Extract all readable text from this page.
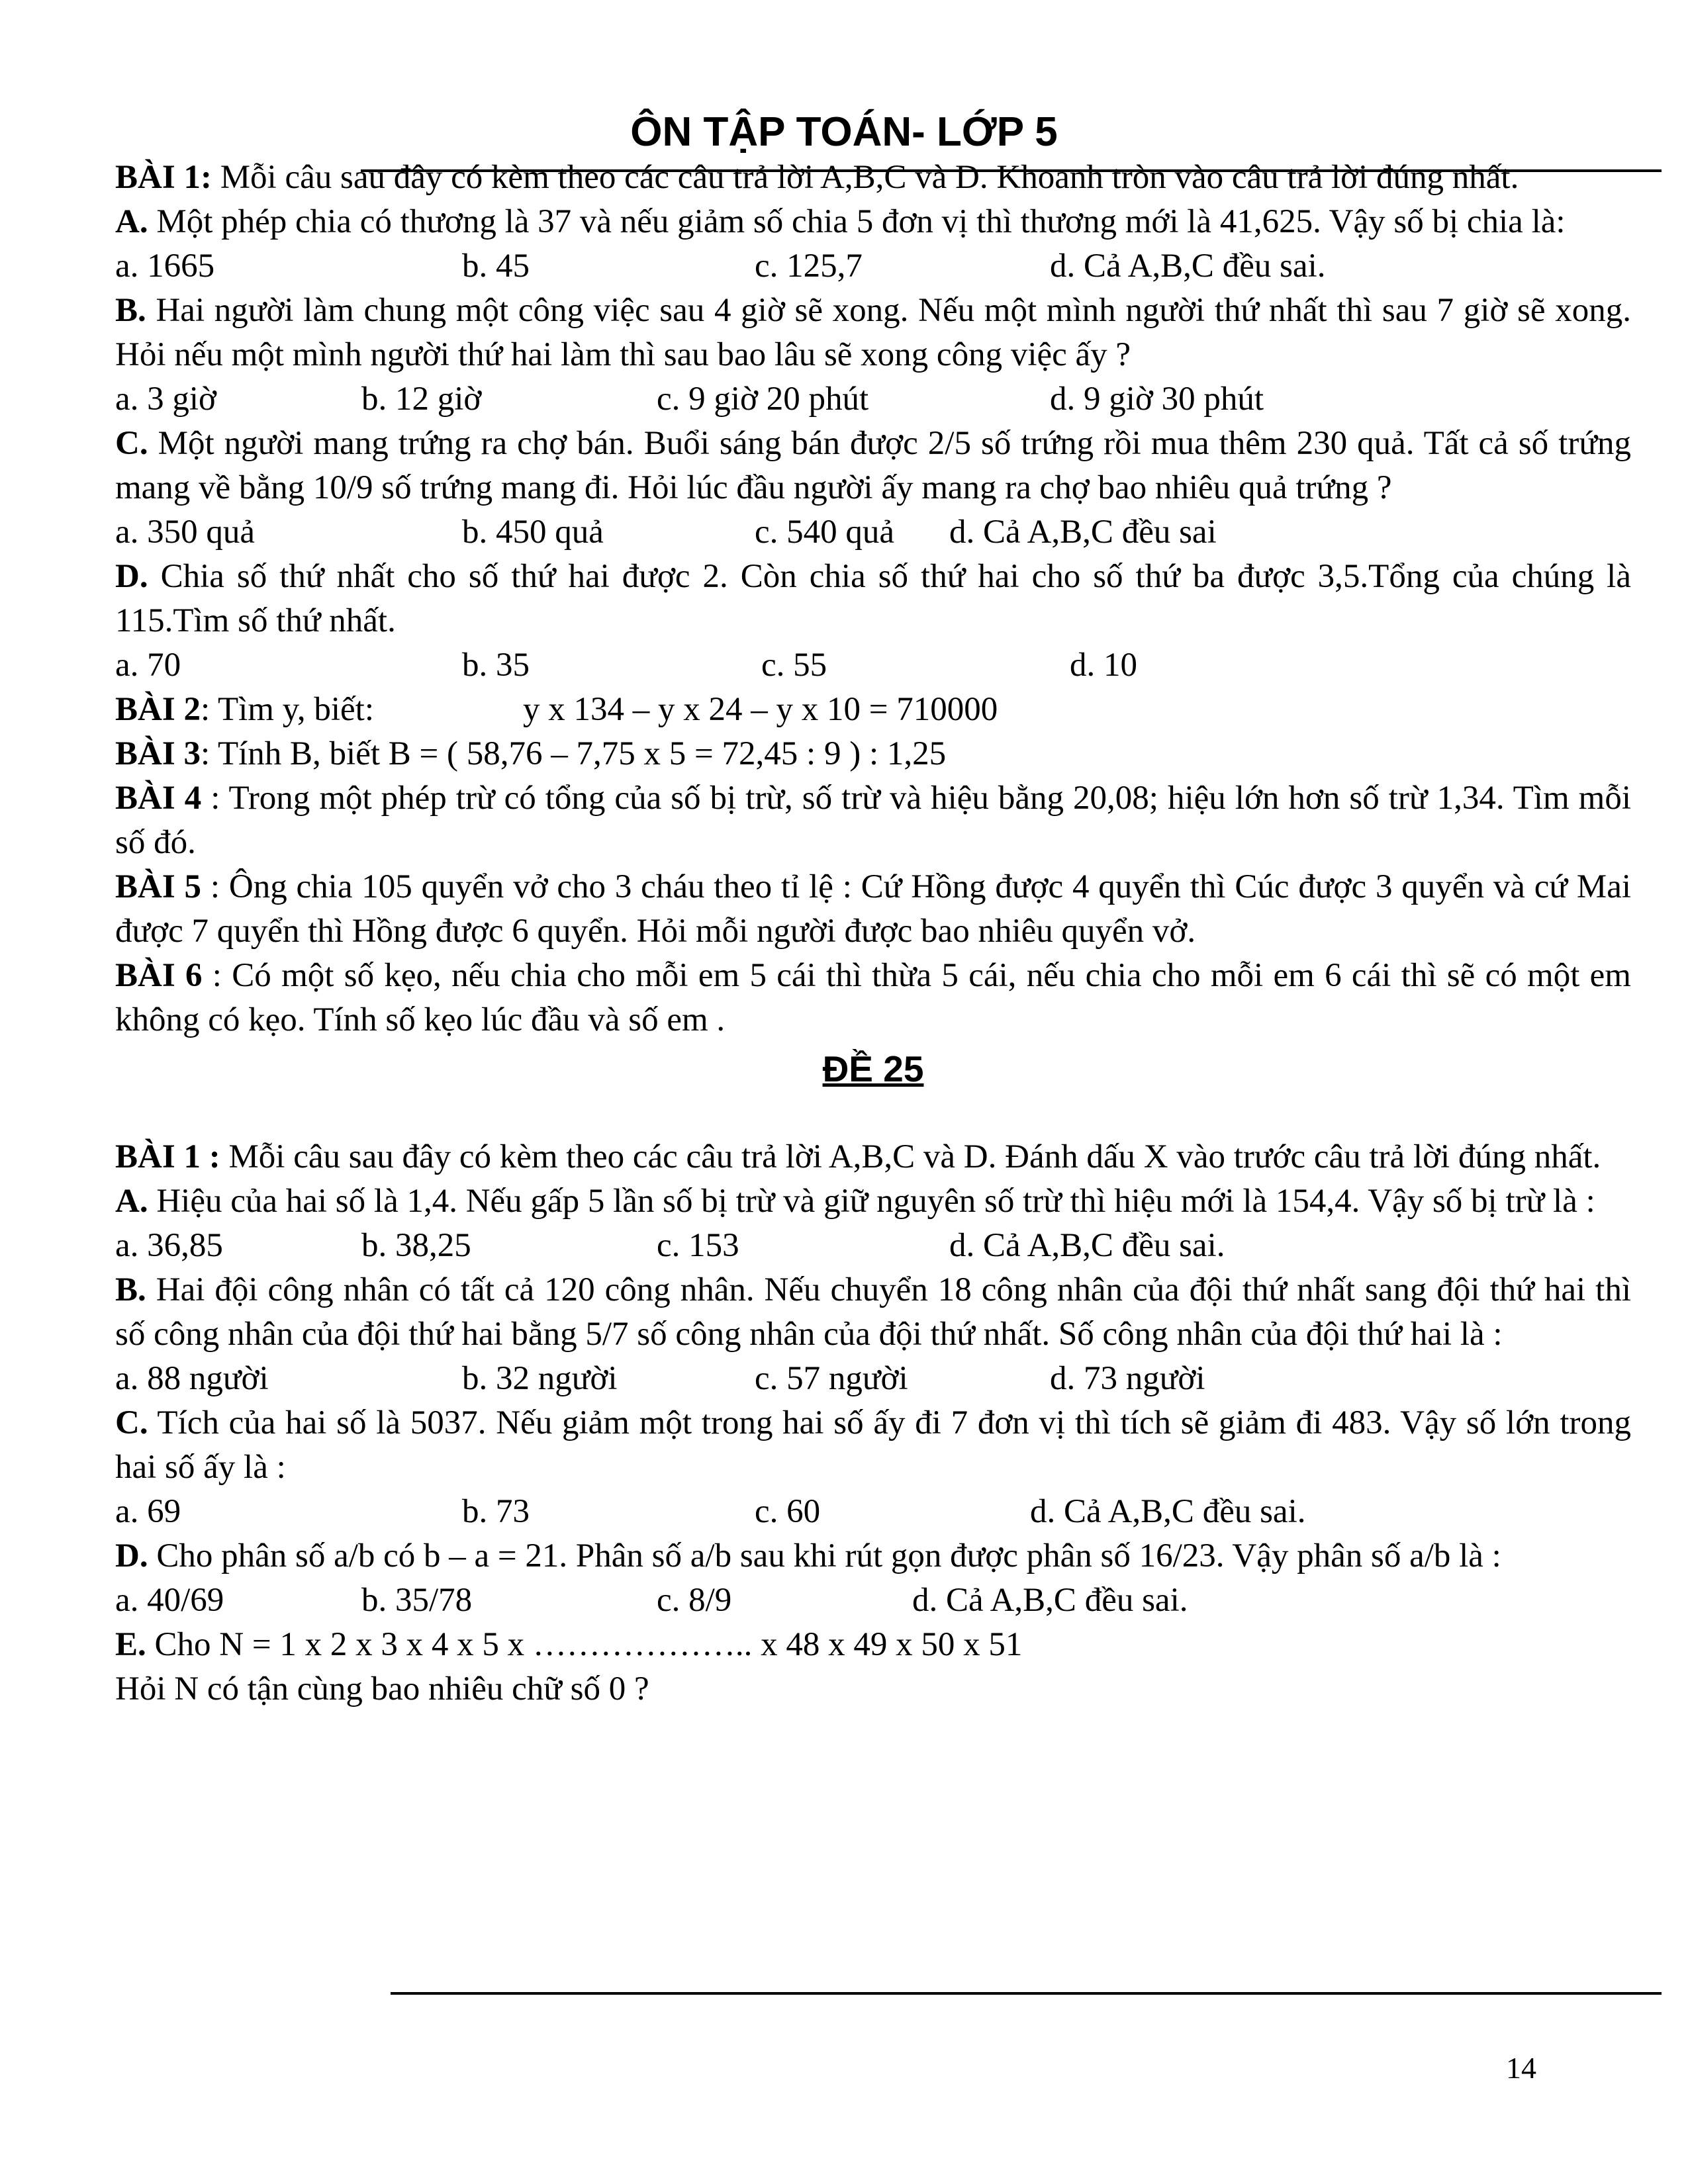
ÔN TẬP TOÁN- LỚP 5

BÀI 1: Mỗi câu sau đây có kèm theo các câu trả lời A,B,C và D. Khoanh tròn vào câu trả lời đúng nhất.

A. Một phép chia có thương là 37 và nếu giảm số chia 5 đơn vị thì thương mới là 41,625. Vậy số bị chia là:

a. 1665	b. 45	c. 125,7	d. Cả A,B,C đều sai.

B. Hai người làm chung một công việc sau 4 giờ sẽ xong. Nếu một mình người thứ nhất thì sau 7 giờ sẽ xong. Hỏi nếu một mình người thứ hai làm thì sau bao lâu sẽ xong công việc ấy ?

a. 3 giờ	b. 12 giờ	c. 9 giờ 20 phút	d. 9 giờ 30 phút

C. Một người mang trứng ra chợ bán. Buổi sáng bán được 2/5 số trứng rồi mua thêm 230 quả. Tất cả số trứng mang về bằng 10/9 số trứng mang đi. Hỏi lúc đầu người ấy mang ra chợ bao nhiêu quả trứng ?

a. 350 quả	b. 450 quả	c. 540 quả d. Cả A,B,C đều sai

D. Chia số thứ nhất cho số thứ hai được 2. Còn chia số thứ hai cho số thứ ba được 3,5.Tổng của chúng là 115.Tìm số thứ nhất.

a. 70	b. 35	c. 55	d. 10

BÀI 2: Tìm y, biết:	y x 134 – y x 24 – y x 10 = 710000

BÀI 3: Tính B, biết B = ( 58,76 – 7,75 x 5 = 72,45 : 9 ) : 1,25

BÀI 4 : Trong một phép trừ có tổng của số bị trừ, số trừ và hiệu bằng 20,08; hiệu lớn hơn số trừ 1,34. Tìm mỗi số đó.

BÀI 5 : Ông chia 105 quyển vở cho 3 cháu theo tỉ lệ : Cứ Hồng được 4 quyển thì Cúc được 3 quyển và cứ Mai được 7 quyển thì Hồng được 6 quyển. Hỏi mỗi người được bao nhiêu quyển vở.

BÀI 6 : Có một số kẹo, nếu chia cho mỗi em 5 cái thì thừa 5 cái, nếu chia cho mỗi em 6 cái thì sẽ có một em không có kẹo. Tính số kẹo lúc đầu và số em .

ĐỀ 25

BÀI 1 : Mỗi câu sau đây có kèm theo các câu trả lời A,B,C và D. Đánh dấu X vào trước câu trả lời đúng nhất.

A. Hiệu của hai số là 1,4. Nếu gấp 5 lần số bị trừ và giữ nguyên số trừ thì hiệu mới là 154,4. Vậy số bị trừ là :

a. 36,85	b. 38,25	c. 153	d. Cả A,B,C đều sai.

B. Hai đội công nhân có tất cả 120 công nhân. Nếu chuyển 18 công nhân của đội thứ nhất sang đội thứ hai thì số công nhân của đội thứ hai bằng 5/7 số công nhân của đội thứ nhất. Số công nhân của đội thứ hai là :

a. 88 người	b. 32 người	c. 57 người	d. 73 người

C. Tích của hai số là 5037. Nếu giảm một trong hai số ấy đi 7 đơn vị thì tích sẽ giảm đi 483. Vậy số lớn trong hai số ấy là :

a. 69	b. 73	c. 60	d. Cả A,B,C đều sai.

D. Cho phân số a/b có b – a = 21. Phân số a/b sau khi rút gọn được phân số 16/23. Vậy phân số a/b là :

a. 40/69	b. 35/78	c. 8/9	d. Cả A,B,C đều sai.

E. Cho N = 1 x 2 x 3 x 4 x 5 x ……………….. x 48 x 49 x 50 x 51

Hỏi N có tận cùng bao nhiêu chữ số 0 ?

14
